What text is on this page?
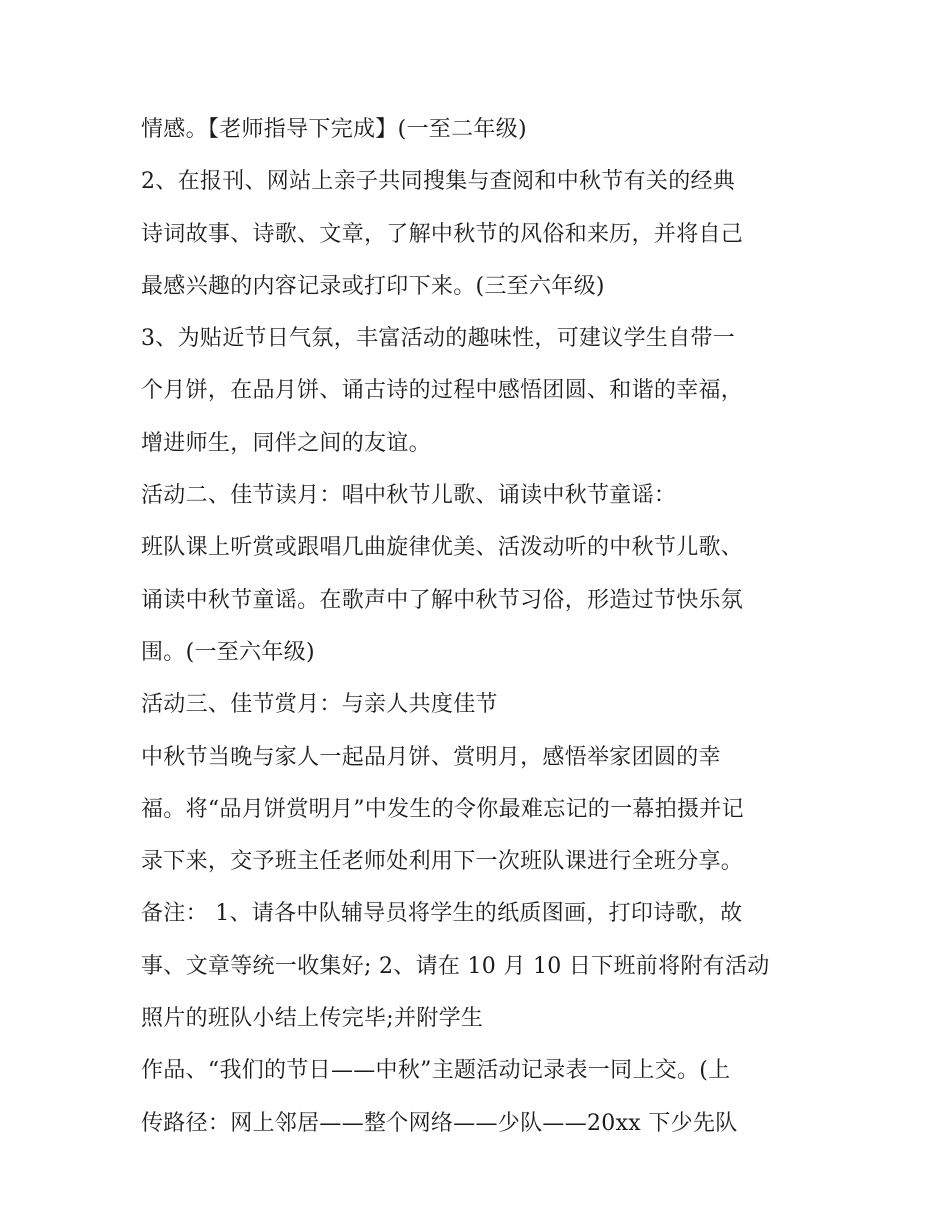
情感。【老师指导下完成】(一至二年级)
2、在报刊、网站上亲子共同搜集与查阅和中秋节有关的经典
诗词故事、诗歌、文章，了解中秋节的风俗和来历，并将自己
最感兴趣的内容记录或打印下来。(三至六年级)
3、为贴近节日气氛，丰富活动的趣味性，可建议学生自带一
个月饼，在品月饼、诵古诗的过程中感悟团圆、和谐的幸福，
增进师生，同伴之间的友谊。
活动二、佳节读月：唱中秋节儿歌、诵读中秋节童谣：
班队课上听赏或跟唱几曲旋律优美、活泼动听的中秋节儿歌、
诵读中秋节童谣。在歌声中了解中秋节习俗，形造过节快乐氛
围。(一至六年级)
活动三、佳节赏月：与亲人共度佳节
中秋节当晚与家人一起品月饼、赏明月，感悟举家团圆的幸
福。将“品月饼赏明月”中发生的令你最难忘记的一幕拍摄并记
录下来，交予班主任老师处利用下一次班队课进行全班分享。
备注： 1、请各中队辅导员将学生的纸质图画，打印诗歌，故
事、文章等统一收集好; 2、请在 10 月 10 日下班前将附有活动
照片的班队小结上传完毕;并附学生
作品、“我们的节日——中秋”主题活动记录表一同上交。(上
传路径：网上邻居——整个网络——少队——20xx 下少先队
